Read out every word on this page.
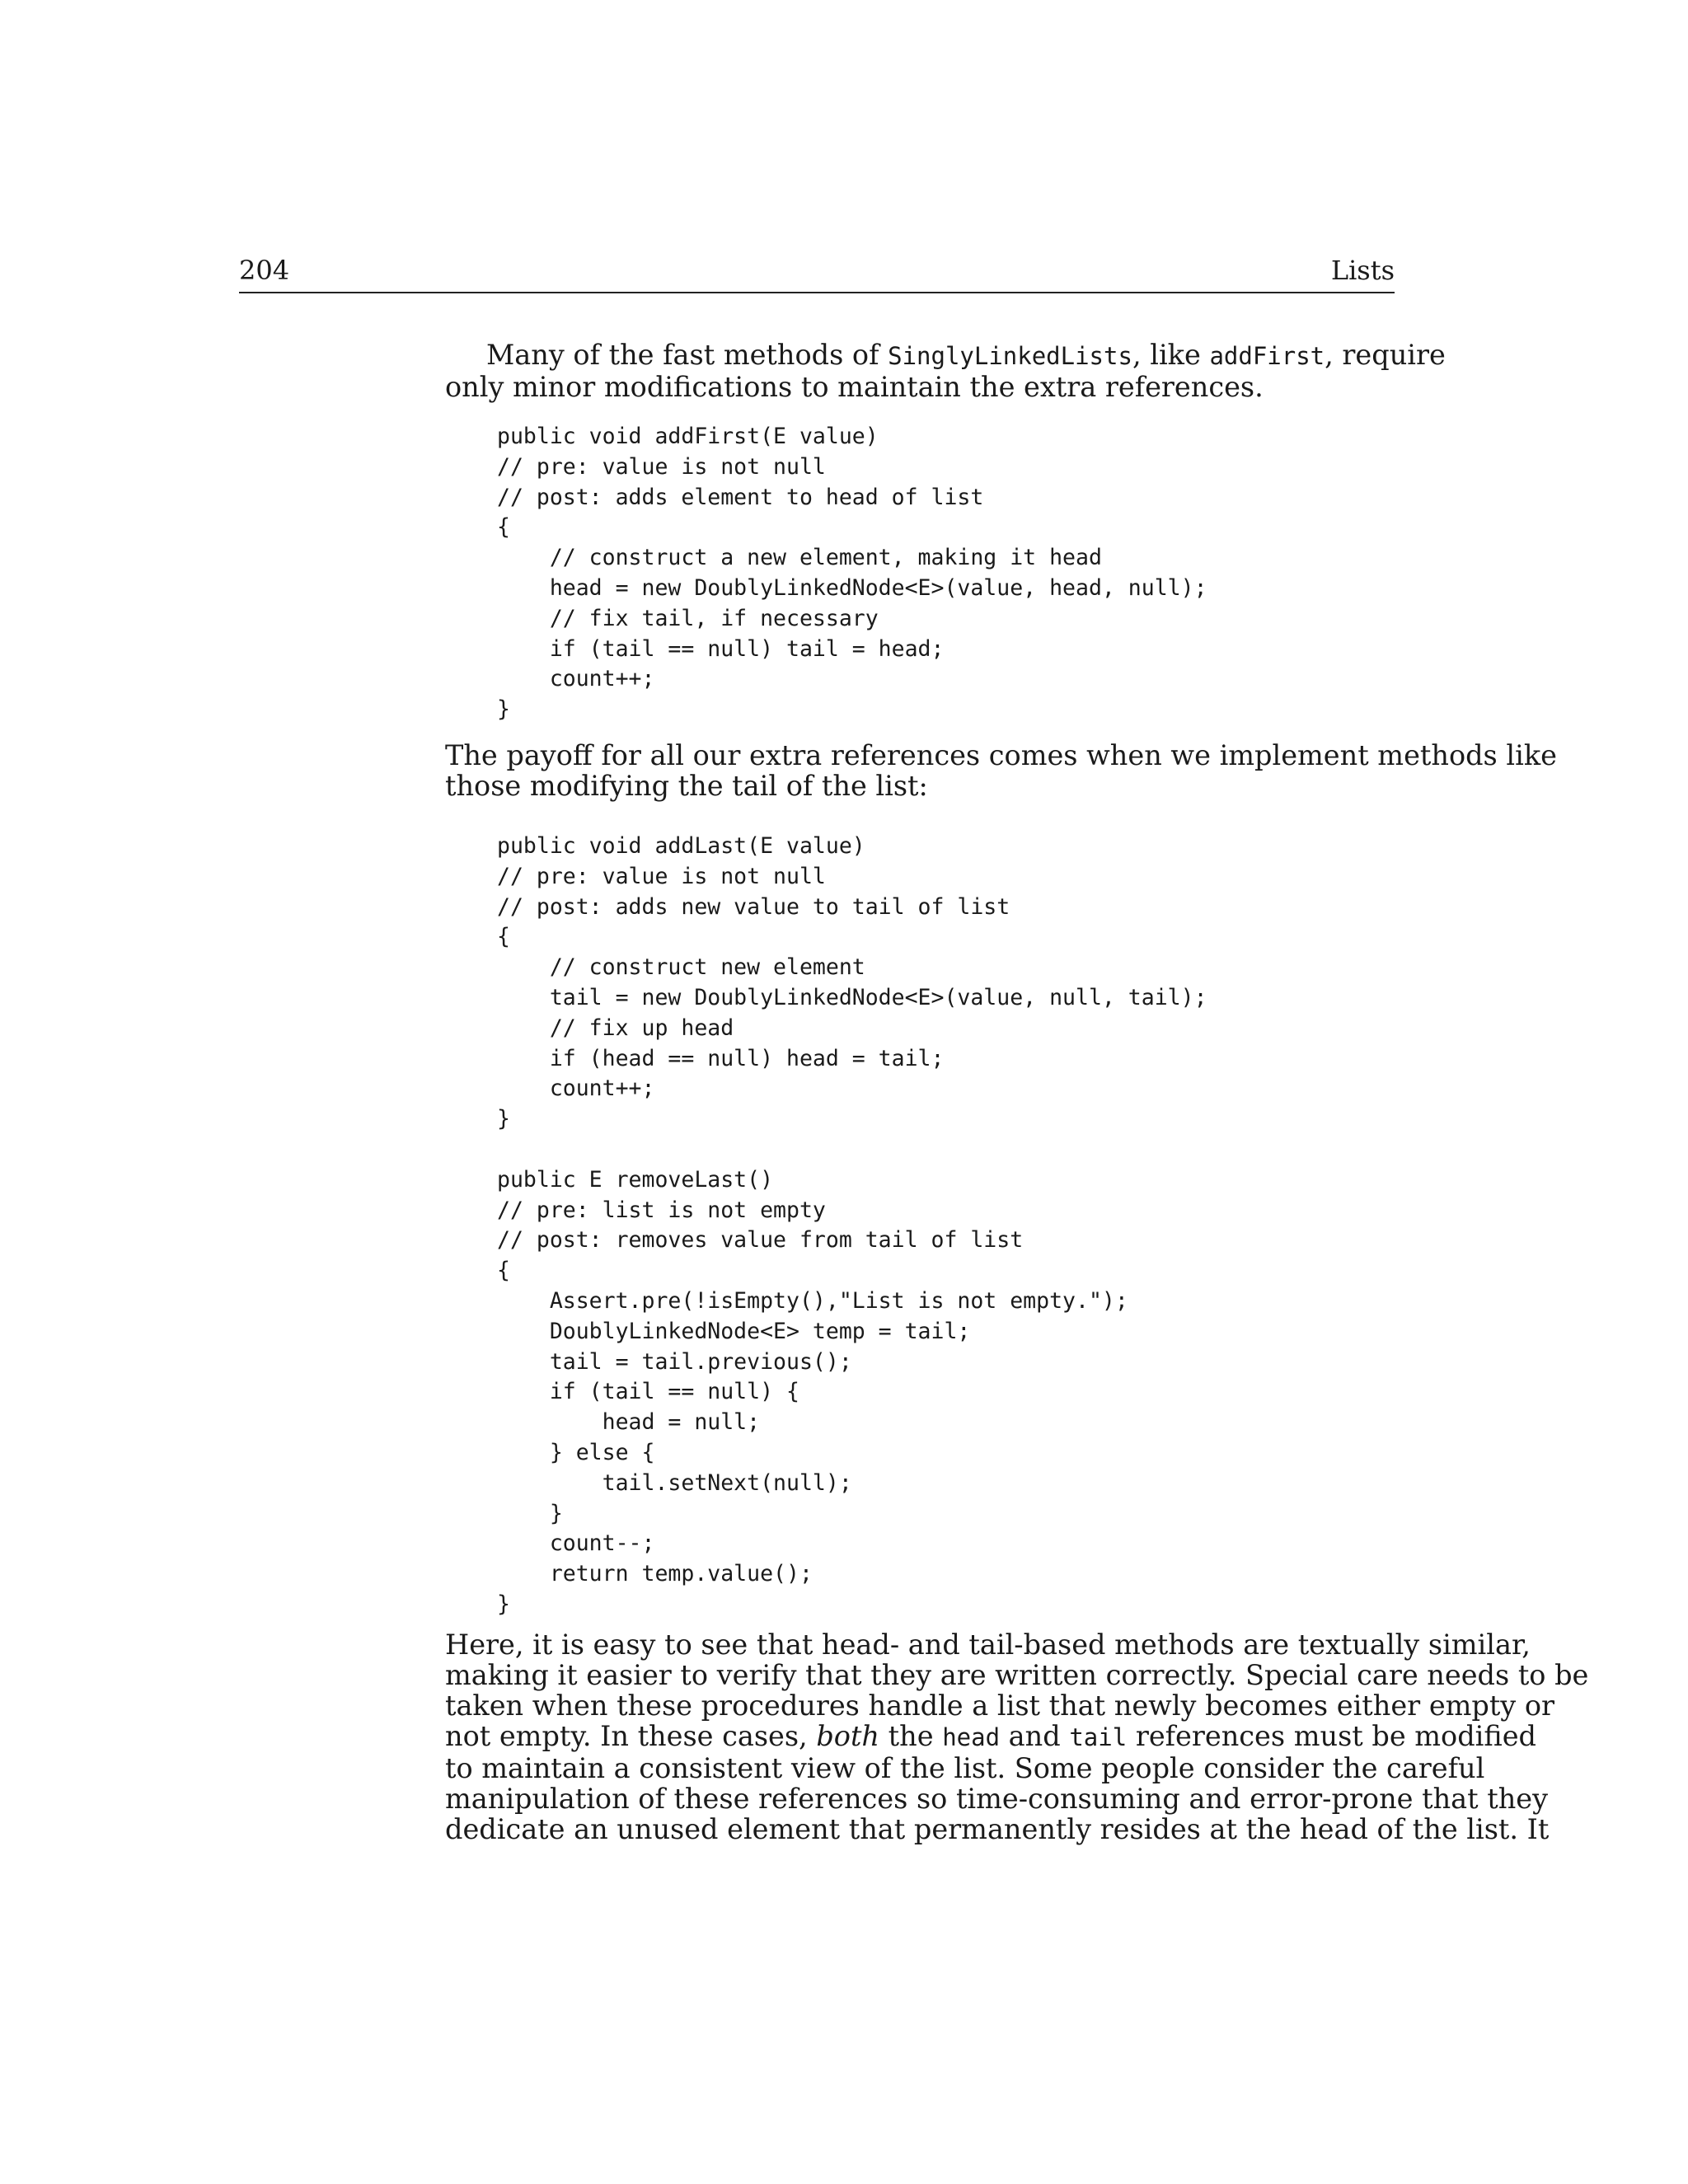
204	Lists
Many of the fast methods of SinglyLinkedLists, like addFirst, require
only minor modifications to maintain the extra references.
public void addFirst(E value)
// pre: value is not null
// post: adds element to head of list
{
// construct a new element, making it head
head = new DoublyLinkedNode<E>(value, head, null);
// fix tail, if necessary
if (tail == null) tail = head;
count++;
}
The payoff for all our extra references comes when we implement methods like
those modifying the tail of the list:
public void addLast(E value)
// pre: value is not null
// post: adds new value to tail of list
{
// construct new element
tail = new DoublyLinkedNode<E>(value, null, tail);
// fix up head
if (head == null) head = tail;
count++;
}

public E removeLast()
// pre: list is not empty
// post: removes value from tail of list
{
Assert.pre(!isEmpty(),"List is not empty.");
DoublyLinkedNode<E> temp = tail;
tail = tail.previous();
if (tail == null) {
head = null;
} else {
tail.setNext(null);
}
count--;
return temp.value();
}
Here, it is easy to see that head- and tail-based methods are textually similar,
making it easier to verify that they are written correctly. Special care needs to be
taken when these procedures handle a list that newly becomes either empty or
not empty. In these cases, both the head and tail references must be modified
to maintain a consistent view of the list. Some people consider the careful
manipulation of these references so time-consuming and error-prone that they
dedicate an unused element that permanently resides at the head of the list. It
